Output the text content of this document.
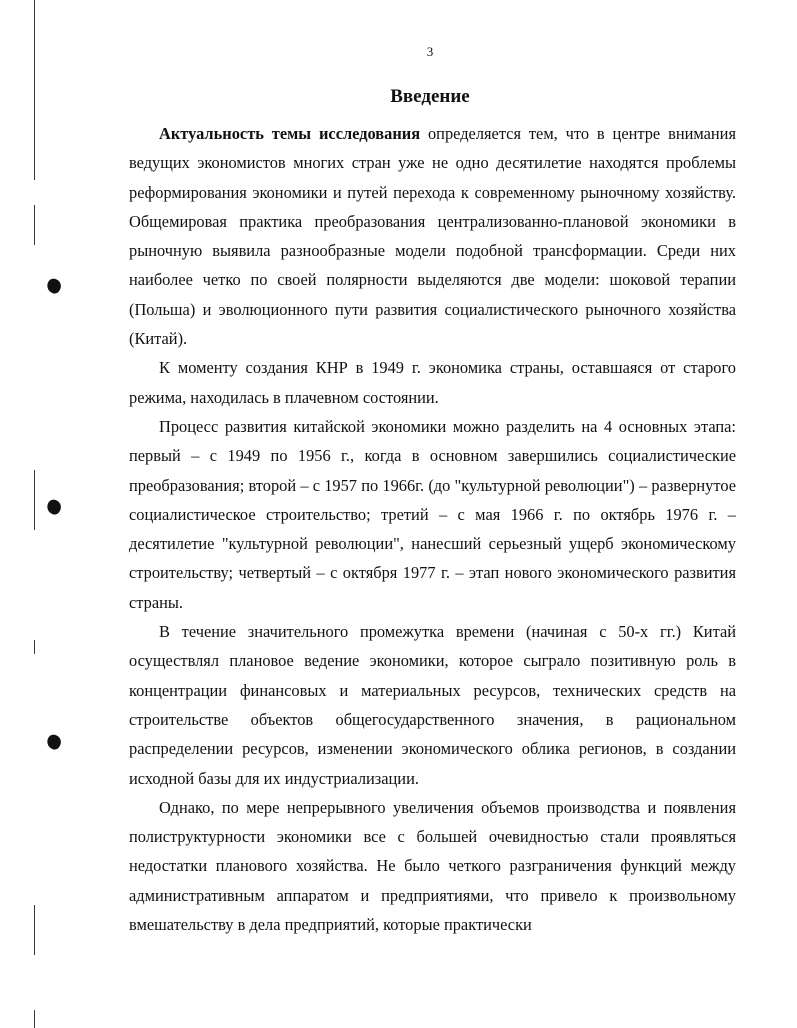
3
Введение

Актуальность темы исследования определяется тем, что в центре внимания ведущих экономистов многих стран уже не одно десятилетие находятся проблемы реформирования экономики и путей перехода к современному рыночному хозяйству. Общемировая практика преобразования централизованно-плановой экономики в рыночную выявила разнообразные модели подобной трансформации. Среди них наиболее четко по своей полярности выделяются две модели: шоковой терапии (Польша) и эволюционного пути развития социалистического рыночного хозяйства (Китай).

К моменту создания КНР в 1949 г. экономика страны, оставшаяся от старого режима, находилась в плачевном состоянии.

Процесс развития китайской экономики можно разделить на 4 основных этапа: первый – с 1949 по 1956 г., когда в основном завершились социалистические преобразования; второй – с 1957 по 1966г. (до "культурной революции") – развернутое социалистическое строительство; третий – с мая 1966 г. по октябрь 1976 г. – десятилетие "культурной революции", нанесший серьезный ущерб экономическому строительству; четвертый – с октября 1977 г. – этап нового экономического развития страны.

В течение значительного промежутка времени (начиная с 50-х гг.) Китай осуществлял плановое ведение экономики, которое сыграло позитивную роль в концентрации финансовых и материальных ресурсов, технических средств на строительстве объектов общегосударственного значения, в рациональном распределении ресурсов, изменении экономического облика регионов, в создании исходной базы для их индустриализации.

Однако, по мере непрерывного увеличения объемов производства и появления полиструктурности экономики все с большей очевидностью стали проявляться недостатки планового хозяйства. Не было четкого разграничения функций между административным аппаратом и предприятиями, что привело к произвольному вмешательству в дела предприятий, которые практически
